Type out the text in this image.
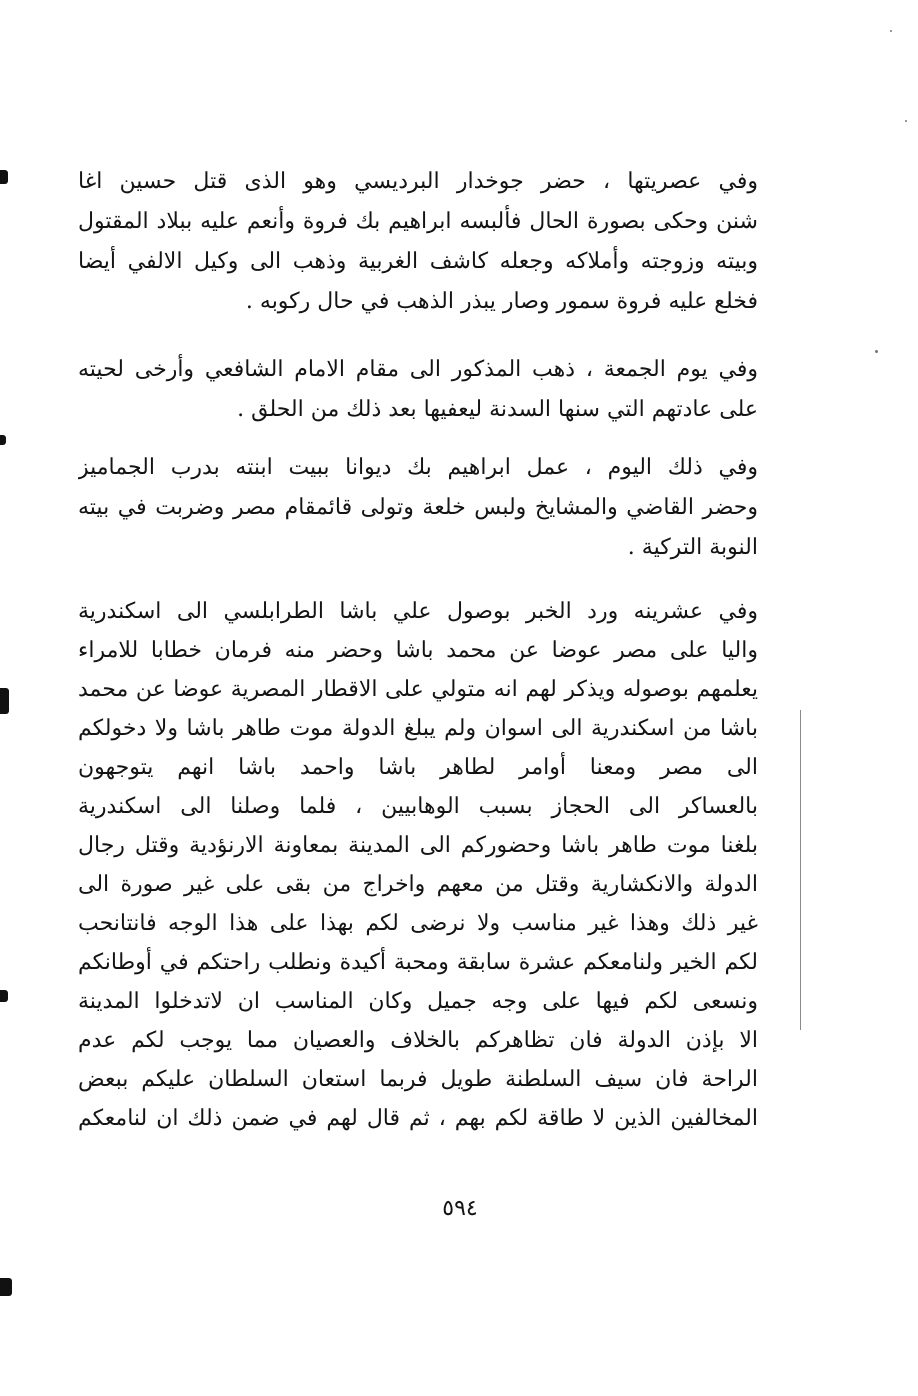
وفي عصريتها ، حضر جوخدار البرديسي وهو الذى قتل حسين اغا
شنن وحكى بصورة الحال فألبسه ابراهيم بك فروة وأنعم عليه ببلاد المقتول
وبيته وزوجته وأملاكه وجعله كاشف الغربية وذهب الى وكيل الالفي أيضا
فخلع عليه فروة سمور وصار يبذر الذهب في حال ركوبه .
وفي يوم الجمعة ، ذهب المذكور الى مقام الامام الشافعي وأرخى لحيته
على عادتهم التي سنها السدنة ليعفيها بعد ذلك من الحلق .
وفي ذلك اليوم ، عمل ابراهيم بك ديوانا ببيت ابنته بدرب الجماميز
وحضر القاضي والمشايخ ولبس خلعة وتولى قائمقام مصر وضربت في بيته
النوبة التركية .
وفي عشرينه ورد الخبر بوصول علي باشا الطرابلسي الى اسكندرية
واليا على مصر عوضا عن محمد باشا وحضر منه فرمان خطابا للامراء
يعلمهم بوصوله ويذكر لهم انه متولي على الاقطار المصرية عوضا عن محمد
باشا من اسكندرية الى اسوان ولم يبلغ الدولة موت طاهر باشا ولا دخولكم
الى مصر ومعنا أوامر لطاهر باشا واحمد باشا انهم يتوجهون
بالعساكر الى الحجاز بسبب الوهابيين ، فلما وصلنا الى اسكندرية
بلغنا موت طاهر باشا وحضوركم الى المدينة بمعاونة الارنؤدية وقتل رجال
الدولة والانكشارية وقتل من معهم واخراج من بقى على غير صورة الى
غير ذلك وهذا غير مناسب ولا نرضى لكم بهذا على هذا الوجه فانتانحب
لكم الخير ولنامعكم عشرة سابقة ومحبة أكيدة ونطلب راحتكم في أوطانكم
ونسعى لكم فيها على وجه جميل وكان المناسب ان لاتدخلوا المدينة
الا بإذن الدولة فان تظاهركم بالخلاف والعصيان مما يوجب لكم عدم
الراحة فان سيف السلطنة طويل فربما استعان السلطان عليكم ببعض
المخالفين الذين لا طاقة لكم بهم ، ثم قال لهم في ضمن ذلك ان لنامعكم
٥٩٤
